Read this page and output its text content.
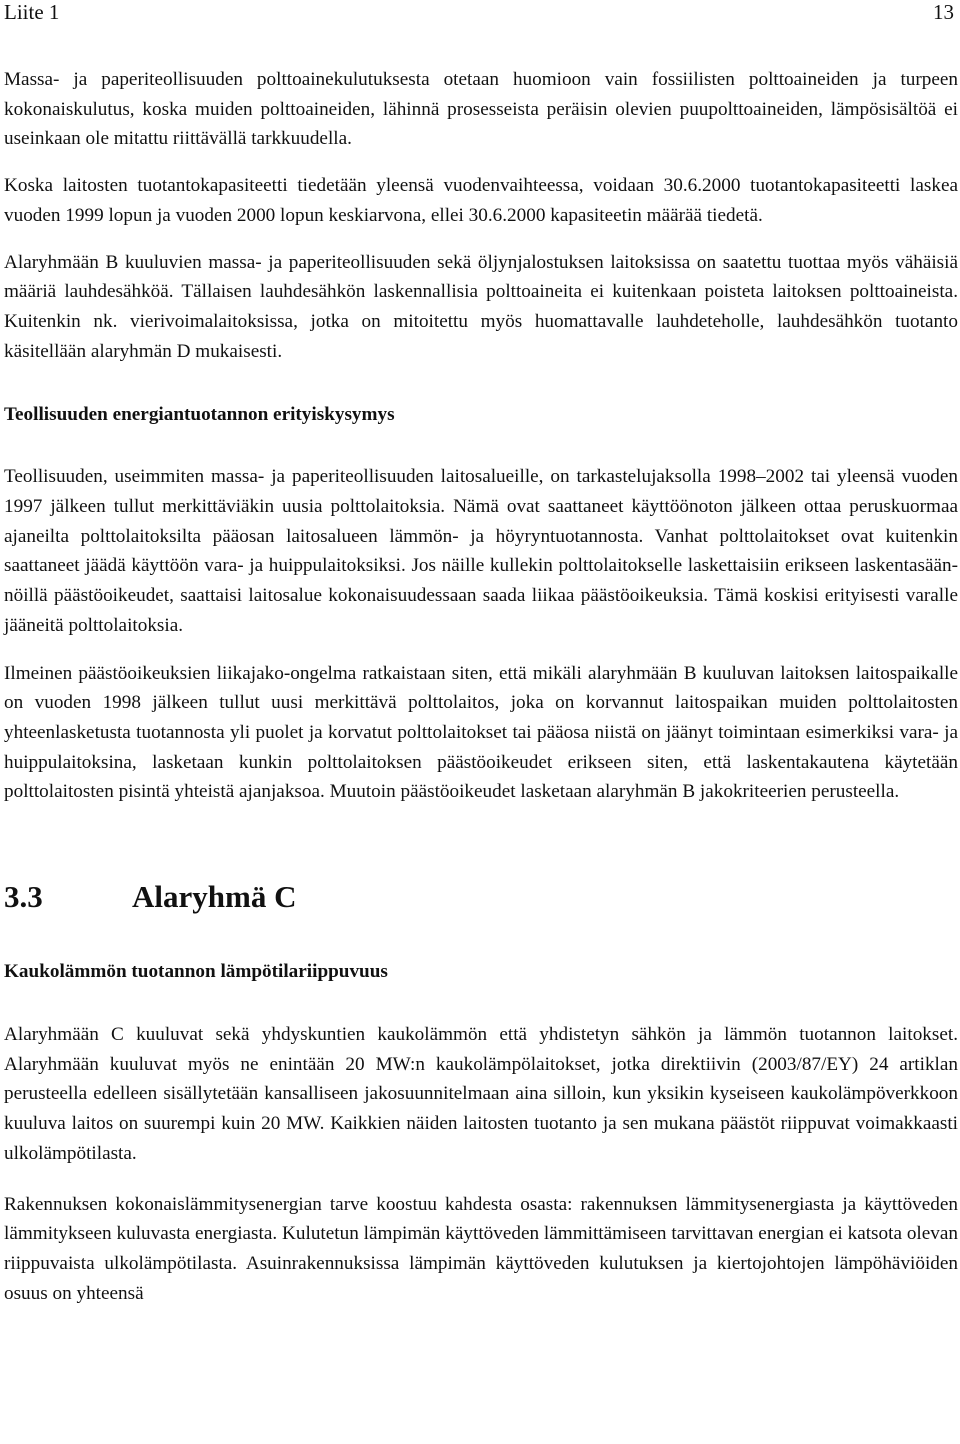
Liite 1	13

Massa- ja paperiteollisuuden polttoainekulutuksesta otetaan huomioon vain fossiilisten polttoaineiden ja turpeen kokonaiskulutus, koska muiden polttoaineiden, lähinnä prosesseista peräisin olevien puupolttoaineiden, lämpösisältöä ei useinkaan ole mitattu riittävällä tarkkuudella.

Koska laitosten tuotantokapasiteetti tiedetään yleensä vuodenvaihteessa, voidaan 30.6.2000 tuotantokapasiteetti laskea vuoden 1999 lopun ja vuoden 2000 lopun keskiarvona, ellei 30.6.2000 kapasiteetin määrää tiedetä.

Alaryhmään B kuuluvien massa- ja paperiteollisuuden sekä öljynjalostuksen laitoksissa on saatettu tuottaa myös vähäisiä määriä lauhdesähköä. Tällaisen lauhdesähkön laskennallisia polttoaineita ei kuitenkaan poisteta laitoksen polttoaineista. Kuitenkin nk. vierivoimalaitoksissa, jotka on mitoitettu myös huomattavalle lauhdeteholle, lauhdesähkön tuotanto käsitellään alaryhmän D mukaisesti.

Teollisuuden energiantuotannon erityiskysymys

Teollisuuden, useimmiten massa- ja paperiteollisuuden laitosalueille, on tarkastelujaksolla 1998–2002 tai yleensä vuoden 1997 jälkeen tullut merkittäviäkin uusia polttolaitoksia. Nämä ovat saattaneet käyttöönoton jälkeen ottaa peruskuormaa ajaneilta polttolaitoksilta pääosan laitosalueen lämmön- ja höyryntuotannosta. Vanhat polttolaitokset ovat kuitenkin saattaneet jäädä käyttöön vara- ja huippulaitoksiksi. Jos näille kullekin polttolaitokselle laskettaisiin erikseen laskentasäännöillä päästöoikeudet, saattaisi laitosalue kokonaisuudessaan saada liikaa päästöoikeuksia. Tämä koskisi erityisesti varalle jääneitä polttolaitoksia.

Ilmeinen päästöoikeuksien liikajako-ongelma ratkaistaan siten, että mikäli alaryhmään B kuuluvan laitoksen laitospaikalle on vuoden 1998 jälkeen tullut uusi merkittävä polttolaitos, joka on korvannut laitospaikan muiden polttolaitosten yhteenlasketusta tuotannosta yli puolet ja korvatut polttolaitokset tai pääosa niistä on jäänyt toimintaan esimerkiksi vara- ja huippulaitoksina, lasketaan kunkin polttolaitoksen päästöoikeudet erikseen siten, että laskentakautena käytetään polttolaitosten pisintä yhteistä ajanjaksoa. Muutoin päästöoikeudet lasketaan alaryhmän B jakokriteerien perusteella.

3.3	Alaryhmä C
Kaukolämmön tuotannon lämpötilariippuvuus

Alaryhmään C kuuluvat sekä yhdyskuntien kaukolämmön että yhdistetyn sähkön ja lämmön tuotannon laitokset. Alaryhmään kuuluvat myös ne enintään 20 MW:n kaukolämpölaitokset, jotka direktiivin (2003/87/EY) 24 artiklan perusteella edelleen sisällytetään kansalliseen jakosuunnitelmaan aina silloin, kun yksikin kyseiseen kaukolämpöverkkoon kuuluva laitos on suurempi kuin 20 MW. Kaikkien näiden laitosten tuotanto ja sen mukana päästöt riippuvat voimakkaasti ulkolämpötilasta.

Rakennuksen kokonaislämmitysenergian tarve koostuu kahdesta osasta: rakennuksen lämmitysenergiasta ja käyttöveden lämmitykseen kuluvasta energiasta. Kulutetun lämpimän käyttöveden lämmittämiseen tarvittavan energian ei katsota olevan riippuvaista ulkolämpötilasta. Asuinrakennuksissa lämpimän käyttöveden kulutuksen ja kiertojohtojen lämpöhäviöiden osuus on yhteensä
